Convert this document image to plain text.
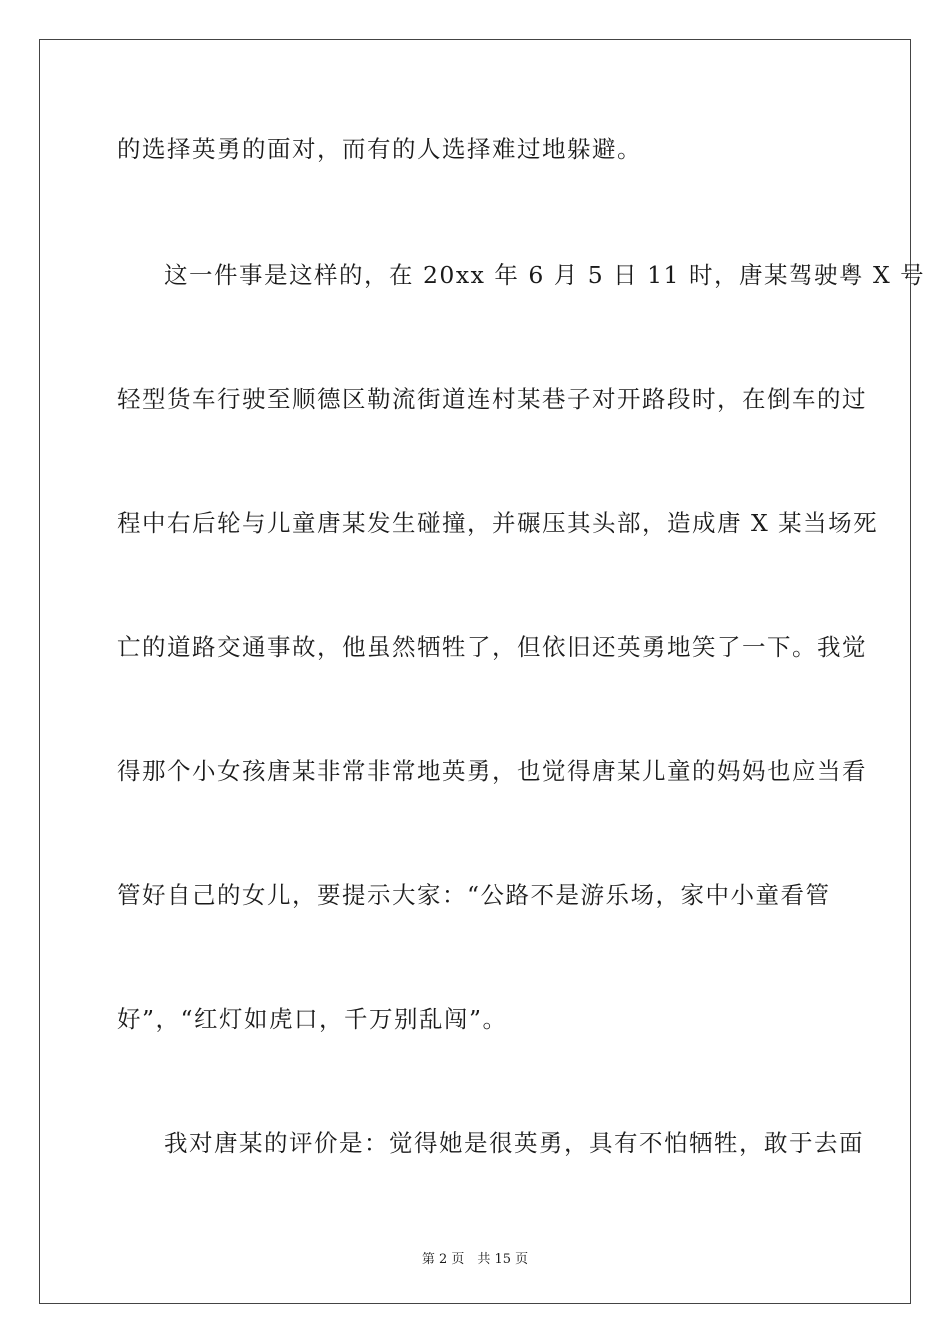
的选择英勇的面对，而有的人选择难过地躲避。
这一件事是这样的，在 20xx 年 6 月 5 日 11 时，唐某驾驶粤 X 号
轻型货车行驶至顺德区勒流街道连村某巷子对开路段时，在倒车的过
程中右后轮与儿童唐某发生碰撞，并碾压其头部，造成唐 X 某当场死
亡的道路交通事故，他虽然牺牲了，但依旧还英勇地笑了一下。我觉
得那个小女孩唐某非常非常地英勇，也觉得唐某儿童的妈妈也应当看
管好自己的女儿，要提示大家：“公路不是游乐场，家中小童看管
好”，“红灯如虎口，千万别乱闯”。
我对唐某的评价是：觉得她是很英勇，具有不怕牺牲，敢于去面
第 2 页　共 15 页
